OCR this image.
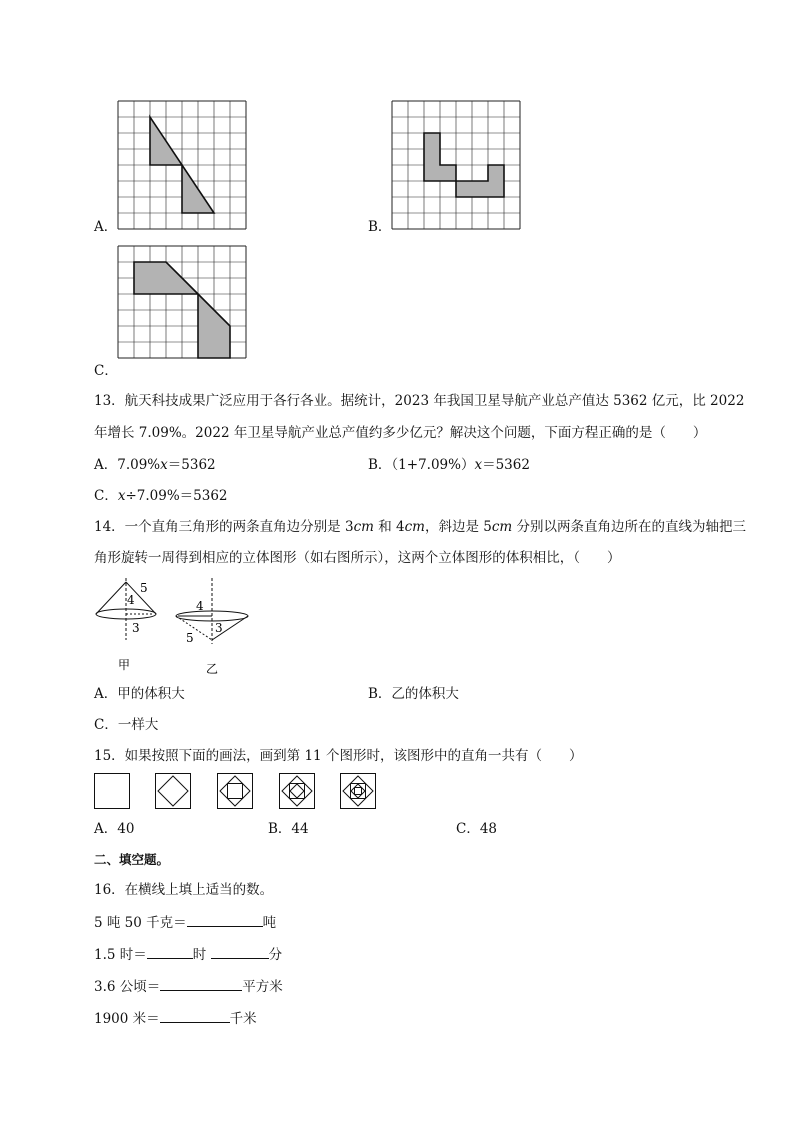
A．	B．
C．
13．航天科技成果广泛应用于各行各业。据统计，2023 年我国卫星导航产业总产值达 5362 亿元，比 2022
年增长 7.09%。2022 年卫星导航产业总产值约多少亿元？解决这个问题，下面方程正确的是（　　）
A．7.09%x＝5362	B．（1+7.09%）x＝5362
C．x÷7.09%＝5362
14．一个直角三角形的两条直角边分别是 3cm 和 4cm，斜边是 5cm 分别以两条直角边所在的直线为轴把三
角形旋转一周得到相应的立体图形（如右图所示），这两个立体图形的体积相比，（　　）
4
5
3
甲
4
3
5
乙
A．甲的体积大	B．乙的体积大
C．一样大
15．如果按照下面的画法，画到第 11 个图形时，该图形中的直角一共有（　　）
A．40	B．44	C．48
二、填空题。
16．在横线上填上适当的数。
5 吨 50 千克＝	吨
1.5 时＝	时	分
3.6 公顷＝	平方米
1900 米＝	千米
